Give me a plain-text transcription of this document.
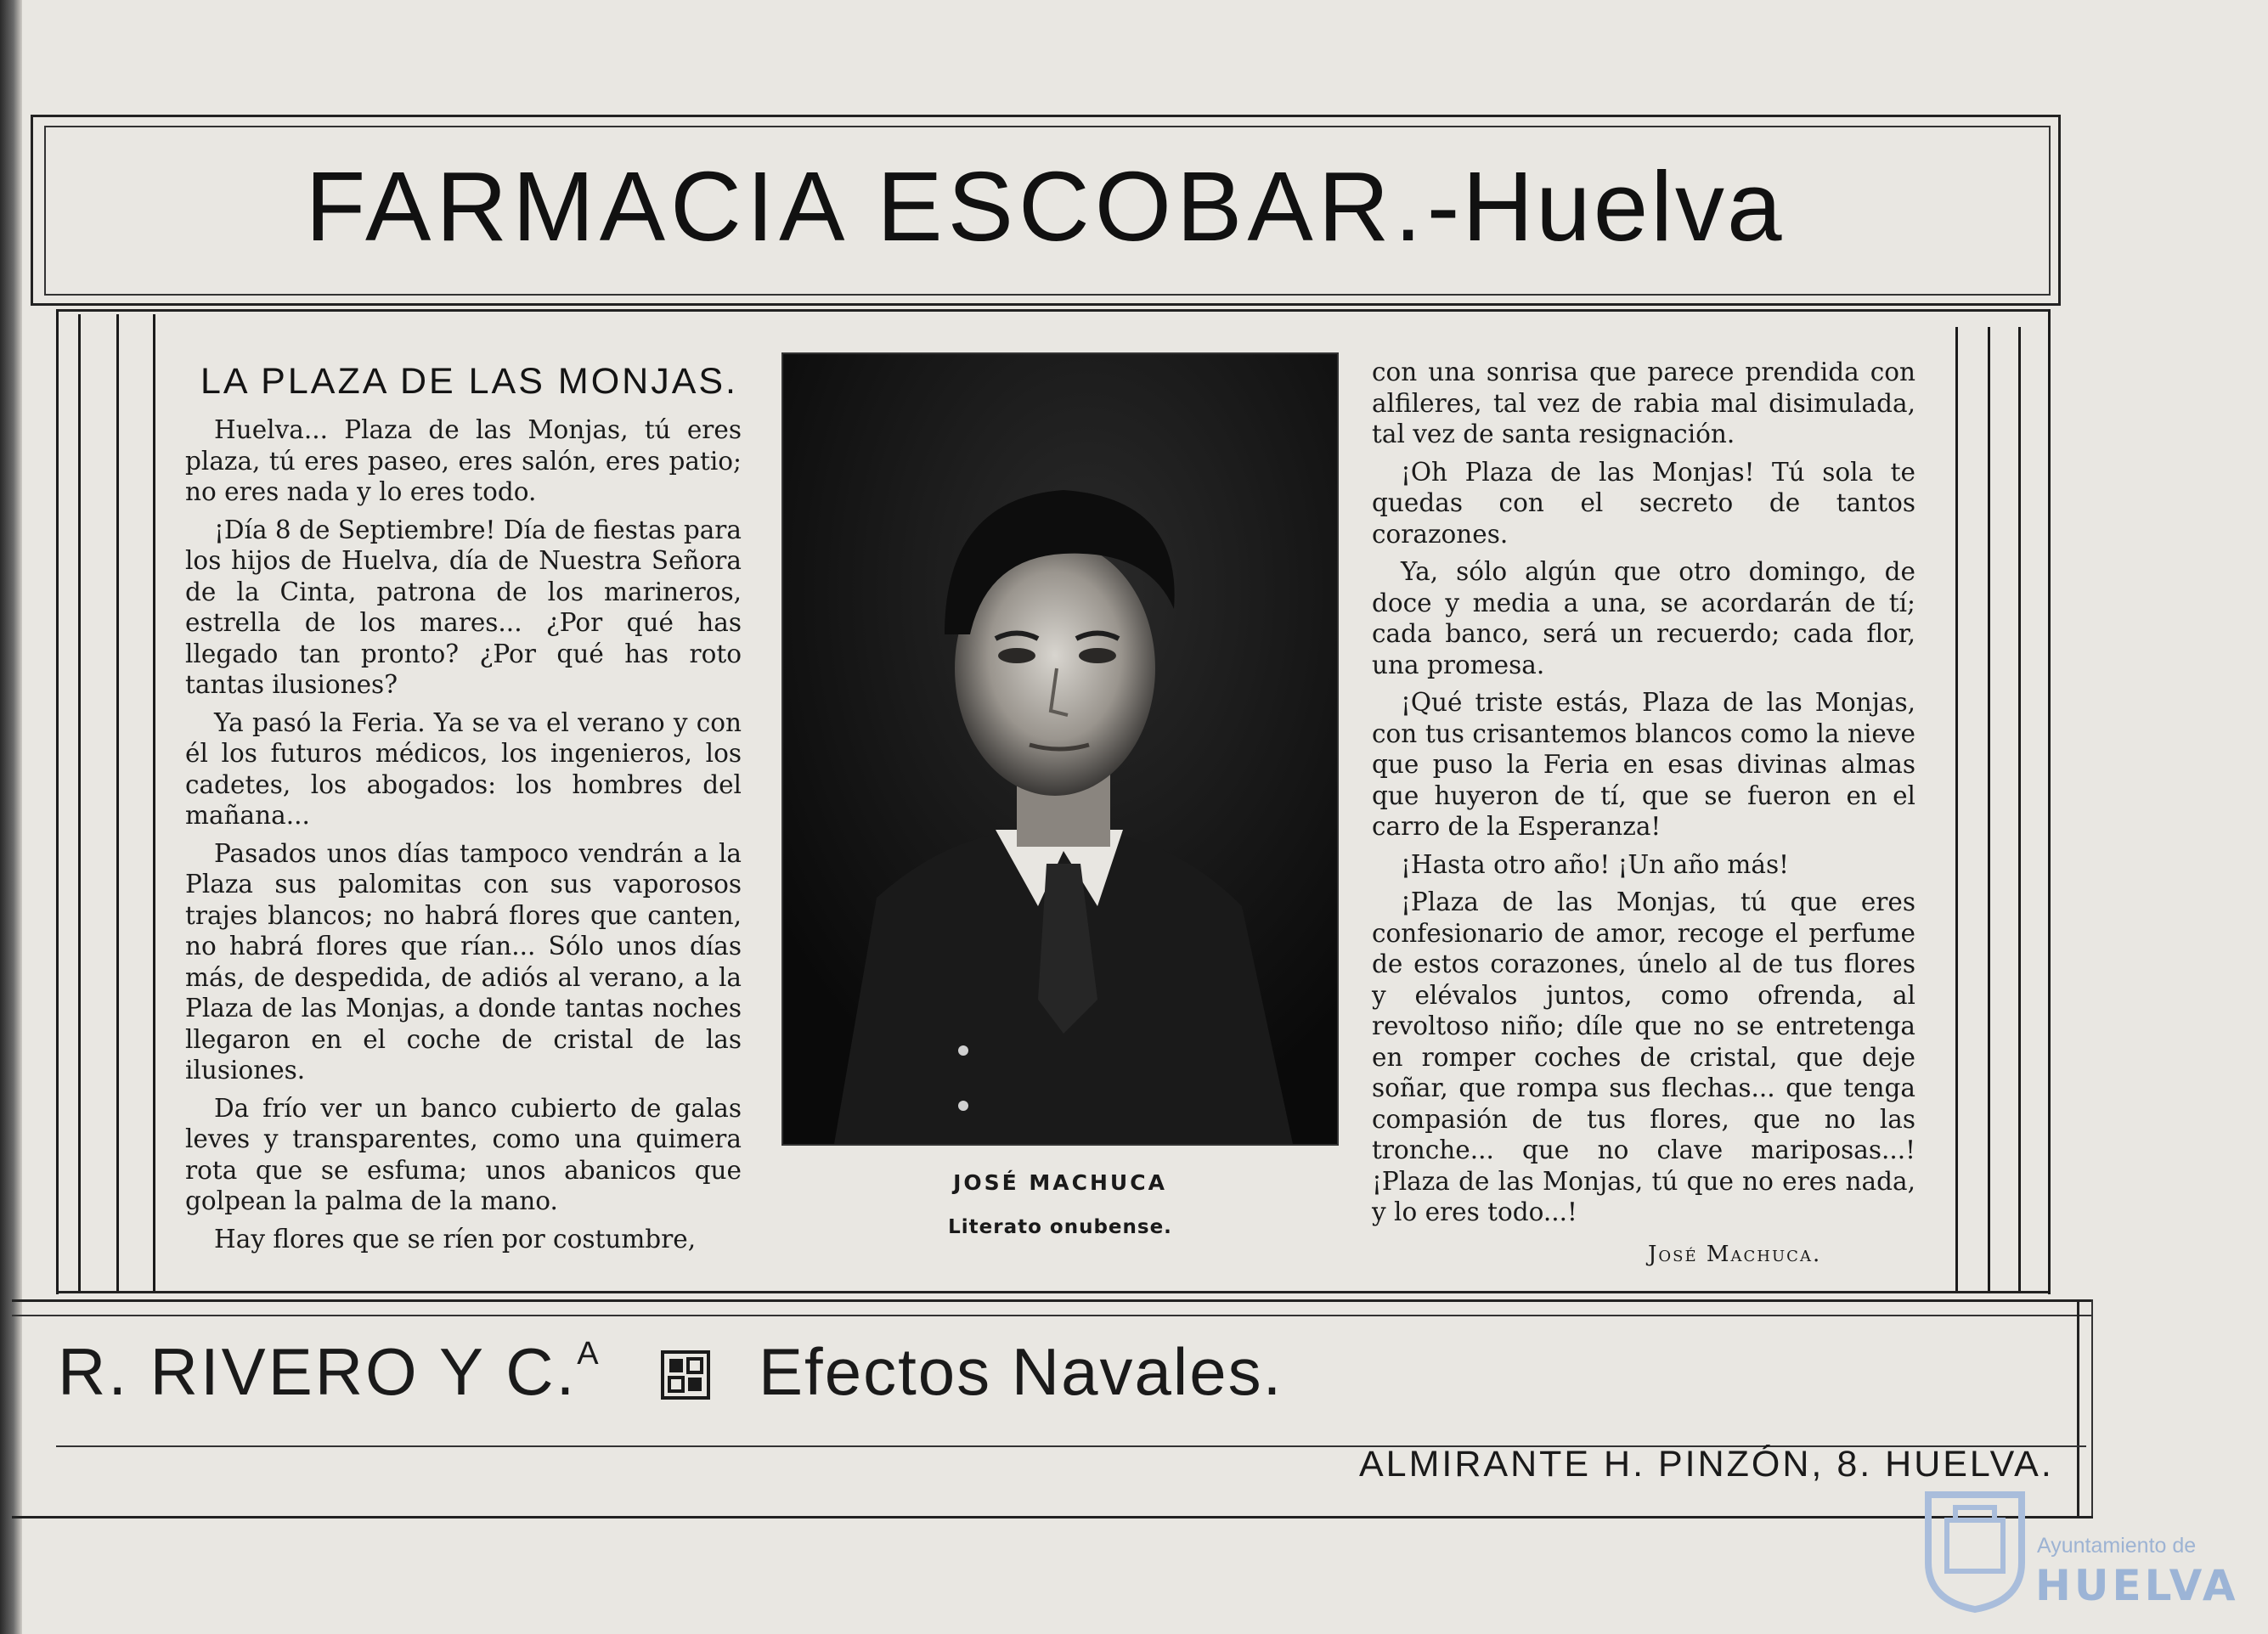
FARMACIA ESCOBAR.-Huelva
LA PLAZA DE LAS MONJAS.

Huelva... Plaza de las Monjas, tú eres plaza, tú eres paseo, eres salón, eres patio; no eres nada y lo eres todo.

¡Día 8 de Septiembre! Día de fiestas para los hijos de Huelva, día de Nuestra Señora de la Cinta, patrona de los marineros, estrella de los mares... ¿Por qué has llegado tan pronto? ¿Por qué has roto tantas ilusiones?

Ya pasó la Feria. Ya se va el verano y con él los futuros médicos, los ingenieros, los cadetes, los abogados: los hombres del mañana...

Pasados unos días tampoco vendrán a la Plaza sus palomitas con sus vaporosos trajes blancos; no habrá flores que canten, no habrá flores que rían... Sólo unos días más, de despedida, de adiós al verano, a la Plaza de las Monjas, a donde tantas noches llegaron en el coche de cristal de las ilusiones.

Da frío ver un banco cubierto de galas leves y transparentes, como una quimera rota que se esfuma; unos abanicos que golpean la palma de la mano.

Hay flores que se ríen por costumbre,

JOSÉ MACHUCA
Literato onubense.

con una sonrisa que parece prendida con alfileres, tal vez de rabia mal disimulada, tal vez de santa resignación.

¡Oh Plaza de las Monjas! Tú sola te quedas con el secreto de tantos corazones.

Ya, sólo algún que otro domingo, de doce y media a una, se acordarán de tí; cada banco, será un recuerdo; cada flor, una promesa.

¡Qué triste estás, Plaza de las Monjas, con tus crisantemos blancos como la nieve que puso la Feria en esas divinas almas que huyeron de tí, que se fueron en el carro de la Esperanza!

¡Hasta otro año! ¡Un año más!

¡Plaza de las Monjas, tú que eres confesionario de amor, recoge el perfume de estos corazones, únelo al de tus flores y elévalos juntos, como ofrenda, al revoltoso niño; díle que no se entretenga en romper coches de cristal, que deje soñar, que rompa sus flechas... que tenga compasión de tus flores, que no las tronche... que no clave mariposas...! ¡Plaza de las Monjas, tú que no eres nada, y lo eres todo...!

José Machuca.
R. RIVERO Y C.$^A$ Efectos Navales.
ALMIRANTE H. PINZÓN, 8. HUELVA.
Ayuntamiento de
HUELVA
